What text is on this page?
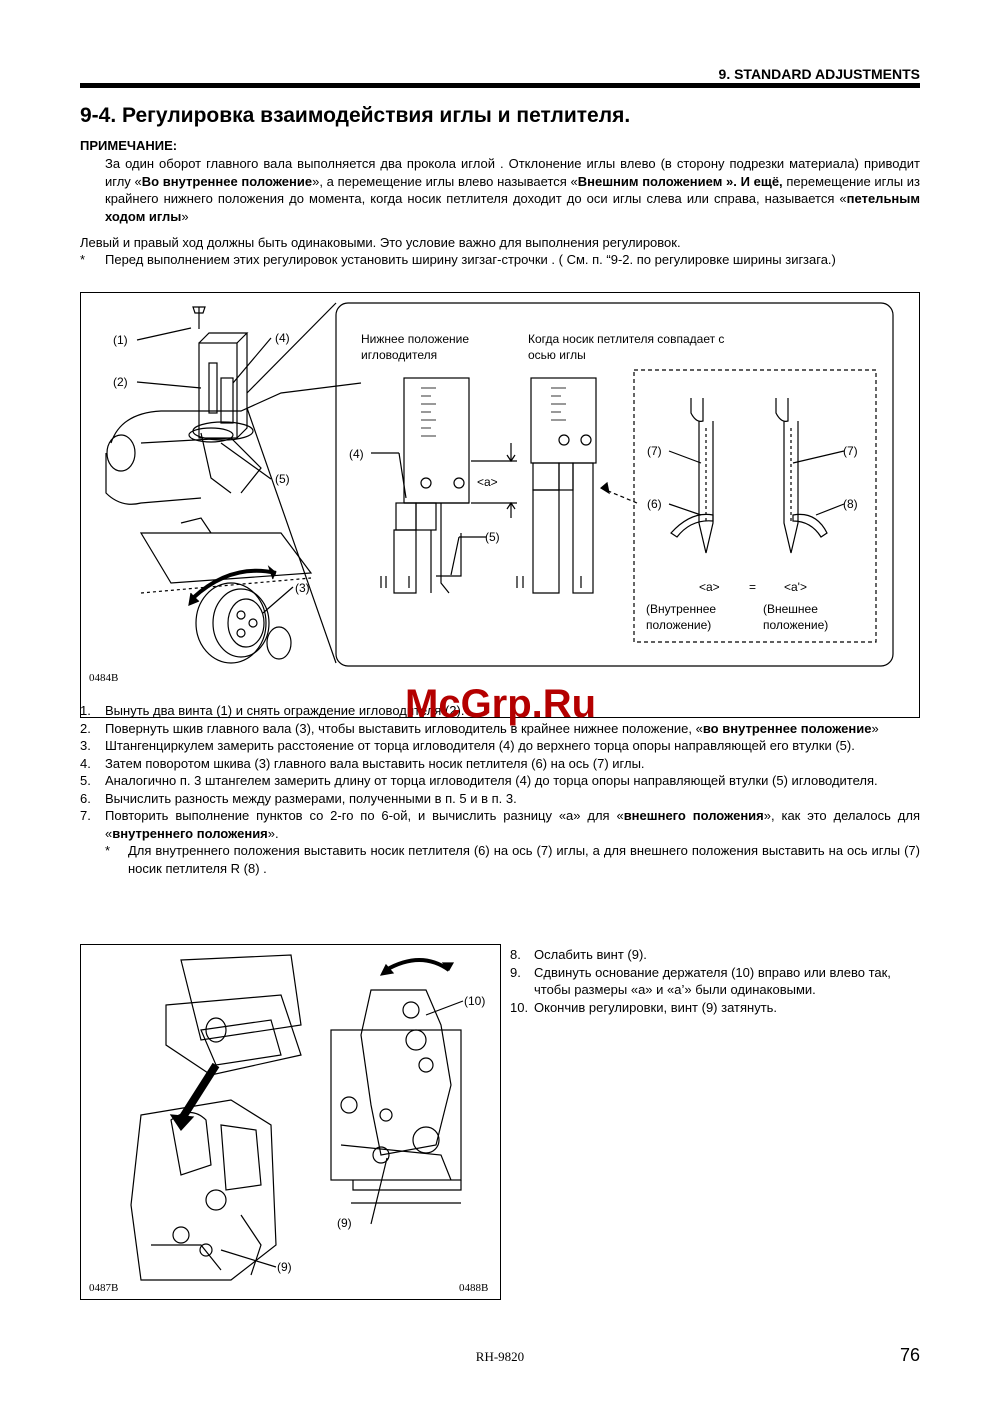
9. STANDARD ADJUSTMENTS
9-4. Регулировка взаимодействия иглы и петлителя.
ПРИМЕЧАНИЕ:
За один оборот главного вала выполняется два прокола иглой . Отклонение иглы влево (в сторону подрезки материала) приводит иглу «Во внутреннее положение», а перемещение иглы влево называется «Внешним положением ». И ещё, перемещение иглы из крайнего нижнего положения до момента, когда носик петлителя доходит до оси иглы слева или справа, называется «петельным ходом иглы»
Левый и правый ход должны быть одинаковыми. Это условие важно для выполнения регулировок.
* Перед выполнением этих регулировок установить ширину зигзаг-строчки . ( См. п. “9-2. по регулировке ширины зигзага.)
(1)
(2)
(4)
(5)
(3)
0484B
Нижнее положение
игловодителя
Когда носик петлителя совпадает с
осью иглы
(4)
<a>
(5)
(7)
(6)
(7)
(8)
<a> = <a'>
(Внутреннее
положение)
(Внешнее
положение)
1. Вынуть два винта (1) и снять ограждение игловодителя (2).
2. Повернуть шкив главного вала (3), чтобы выставить игловодитель в крайнее нижнее положение, «во внутреннее положение»
3. Штангенциркулем замерить расстояение от торца игловодителя (4) до верхнего торца опоры направляющей его втулки (5).
4. Затем поворотом шкива (3) главного вала выставить носик петлителя (6) на ось (7) иглы.
5. Аналогично п. 3 штангелем замерить длину от торца игловодителя (4) до торца опоры направляющей втулки (5) игловодителя.
6. Вычислить разность между размерами, полученными в п. 5 и в п. 3.
7. Повторить выполнение пунктов со 2-го по 6-ой, и вычислить разницу «а» для «внешнего положения», как это делалось для «внутреннего положения».
* Для внутреннего положения выставить носик петлителя (6) на ось (7) иглы, а для внешнего положения выставить на ось иглы (7) носик петлителя R (8) .
McGrp.Ru
0487B	0488B
(9)
(9)
(10)
8. Ослабить винт (9).
9. Сдвинуть основание держателя (10) вправо или влево так, чтобы размеры «а» и «а’» были одинаковыми.
10. Окончив регулировки, винт (9) затянуть.
RH-9820	76
